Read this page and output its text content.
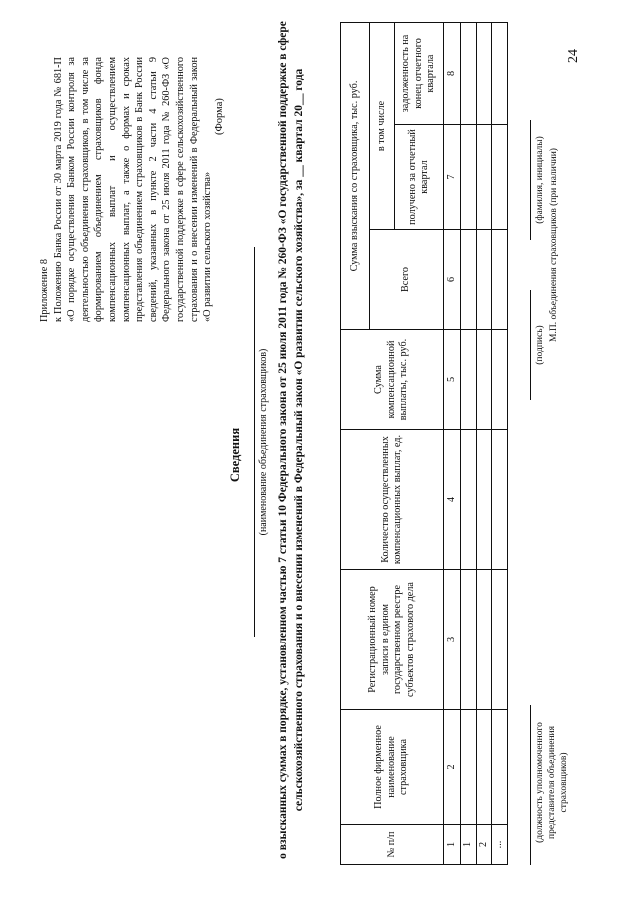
24
Приложение 8 к Положению Банка России от 30 марта 2019 года № 681-П «О порядке осуществления Банком России контроля за деятельностью объединения страховщиков, в том числе за формированием объединением страховщиков фонда компенсационных выплат и осуществлением компенсационных выплат, а также о формах и сроках представления объединением страховщиков в Банк России сведений, указанных в пункте 2 части 4 статьи 9 Федерального закона от 25 июля 2011 года № 260-ФЗ «О государственной поддержке в сфере сельскохозяйственного страхования и о внесении изменений в Федеральный закон «О развитии сельского хозяйства»
(Форма)
Сведения (наименование объединения страховщиков) о взысканных суммах в порядке, установленном частью 7 статьи 10 Федерального закона от 25 июля 2011 года № 260-ФЗ «О государственной поддержке в сфере сельскохозяйственного страхования и о внесении изменений в Федеральный закон «О развитии сельского хозяйства», за __ квартал 20__ года
№ п/п	Полное фирменное наименование страховщика	Регистрационный номер записи в едином государственном реестре субъектов страхового дела	Количество осуществленных компенсационных выплат, ед.	Сумма компенсационной выплаты, тыс. руб.	Сумма взыскания со страховщика, тыс. руб.		
					Всего	в том числе	
						получено за отчетный квартал	задолженность на конец отчетного квартала
1	2	3	4	5	6	7	8
1							
2							
...							
(должность уполномоченного представителя объединения страховщиков)
(подпись)
(фамилия, инициалы) М.П. объединения страховщиков (при наличии)
